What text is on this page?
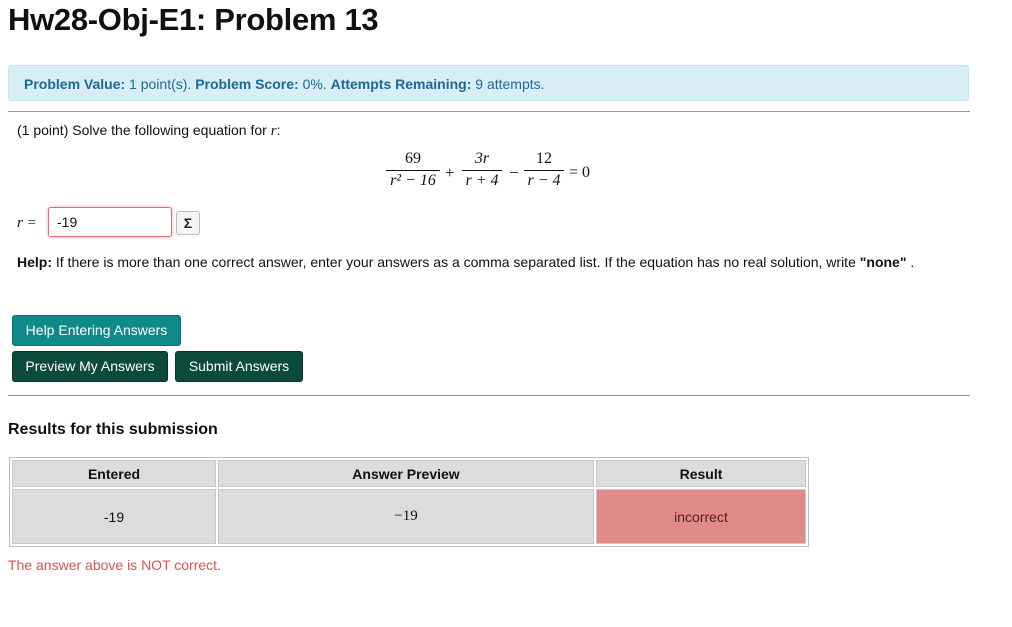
Hw28-Obj-E1: Problem 13
Problem Value: 1 point(s). Problem Score: 0%. Attempts Remaining: 9 attempts.
(1 point) Solve the following equation for r:
$\frac{69}{\text{r² − 16}} + \frac{3r}{r + 4} - \frac{12}{r - 4} = 0$
r =
-19	Σ
Help: If there is more than one correct answer, enter your answers as a comma separated list. If the equation has no real solution, write "none" .
Help Entering Answers
Preview My Answers	Submit Answers
Results for this submission
Entered	Answer Preview	Result
-19	−19	incorrect
The answer above is NOT correct.
